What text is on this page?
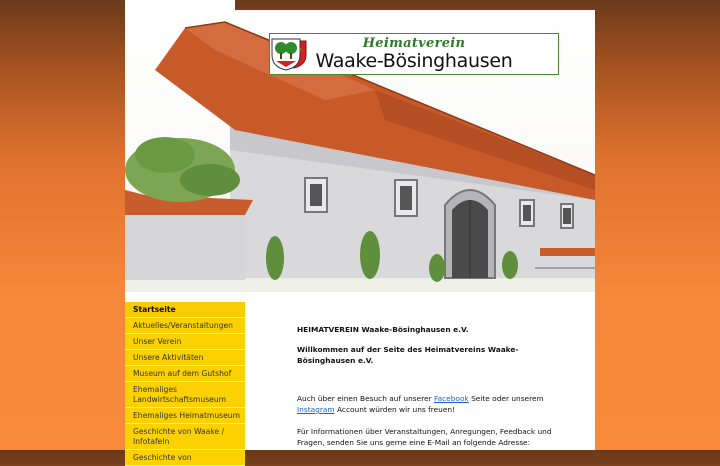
Heimatverein
Waake-Bösinghausen
Startseite
Aktuelles/Veranstaltungen
Unser Verein
Unsere Aktivitäten
Museum auf dem Gutshof
Ehemaliges Landwirtschaftsmuseum
Ehemaliges Heimatmuseum
Geschichte von Waake / Infotafeln
Geschichte von

HEIMATVEREIN Waake-Bösinghausen e.V.

Willkommen auf der Seite des Heimatvereins Waake-Bösinghausen e.V.

Auch über einen Besuch auf unserer Facebook Seite oder unserem Instagram Account würden wir uns freuen!

Für Informationen über Veranstaltungen, Anregungen, Feedback und Fragen, senden Sie uns gerne eine E-Mail an folgende Adresse:
